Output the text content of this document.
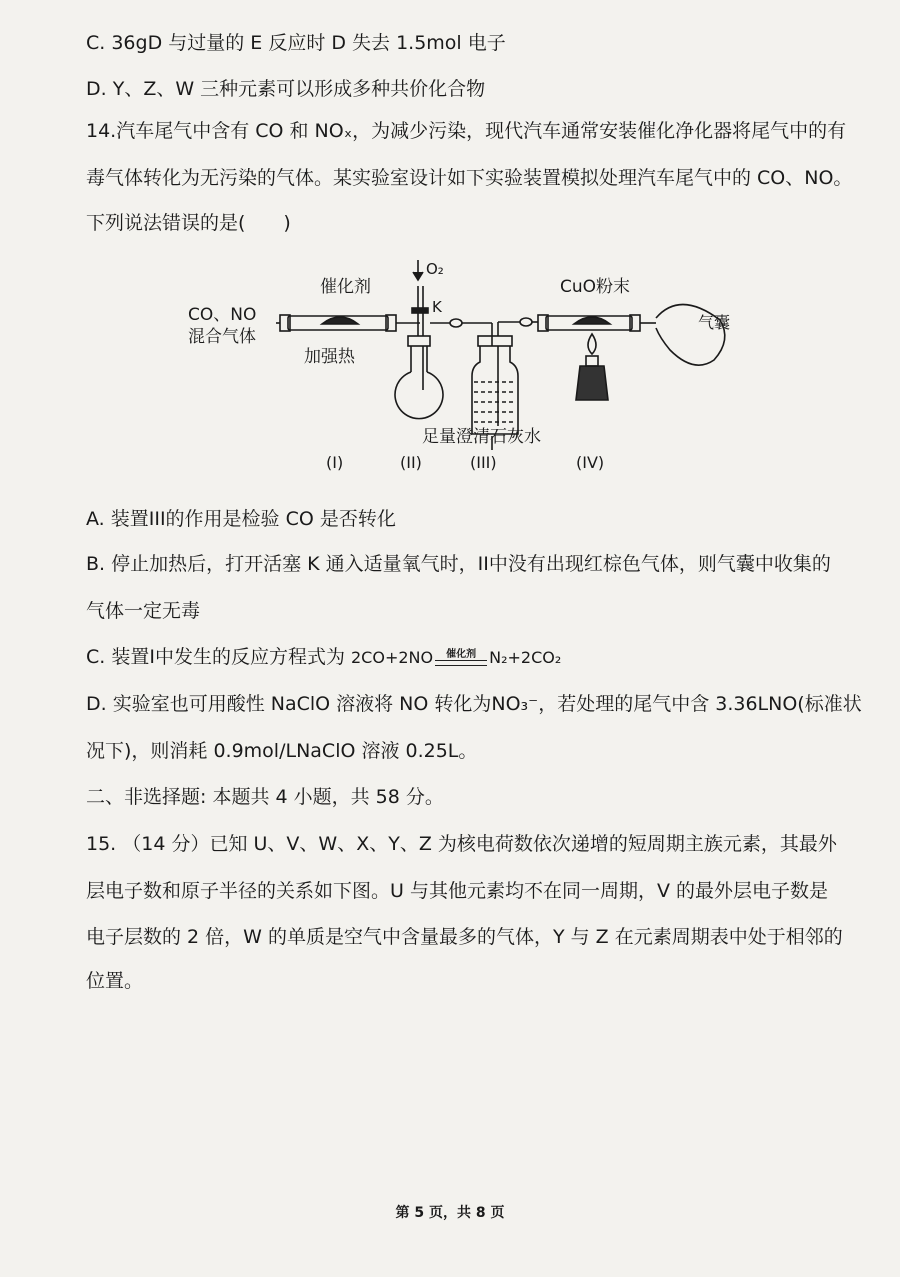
C. 36gD 与过量的 E 反应时 D 失去 1.5mol 电子
D. Y、Z、W 三种元素可以形成多种共价化合物
14.汽车尾气中含有 CO 和 NOₓ，为减少污染，现代汽车通常安装催化净化器将尾气中的有
毒气体转化为无污染的气体。某实验室设计如下实验装置模拟处理汽车尾气中的 CO、NO。
下列说法错误的是(　　)
O₂
K
催化剂
CO、NO
混合气体
加强热
CuO粉末
气囊
足量澄清石灰水
(I)	(II)	(III)	(IV)
A. 装置III的作用是检验 CO 是否转化
B. 停止加热后，打开活塞 K 通入适量氧气时，II中没有出现红棕色气体，则气囊中收集的
气体一定无毒
C. 装置I中发生的反应方程式为 2CO+2NO 催化剂 N₂+2CO₂
D. 实验室也可用酸性 NaClO 溶液将 NO 转化为NO₃⁻，若处理的尾气中含 3.36LNO(标准状
况下)，则消耗 0.9mol/LNaClO 溶液 0.25L。
二、非选择题: 本题共 4 小题，共 58 分。
15. （14 分）已知 U、V、W、X、Y、Z 为核电荷数依次递增的短周期主族元素，其最外
层电子数和原子半径的关系如下图。U 与其他元素均不在同一周期，V 的最外层电子数是
电子层数的 2 倍，W 的单质是空气中含量最多的气体，Y 与 Z 在元素周期表中处于相邻的
位置。
第 5 页，共 8 页
